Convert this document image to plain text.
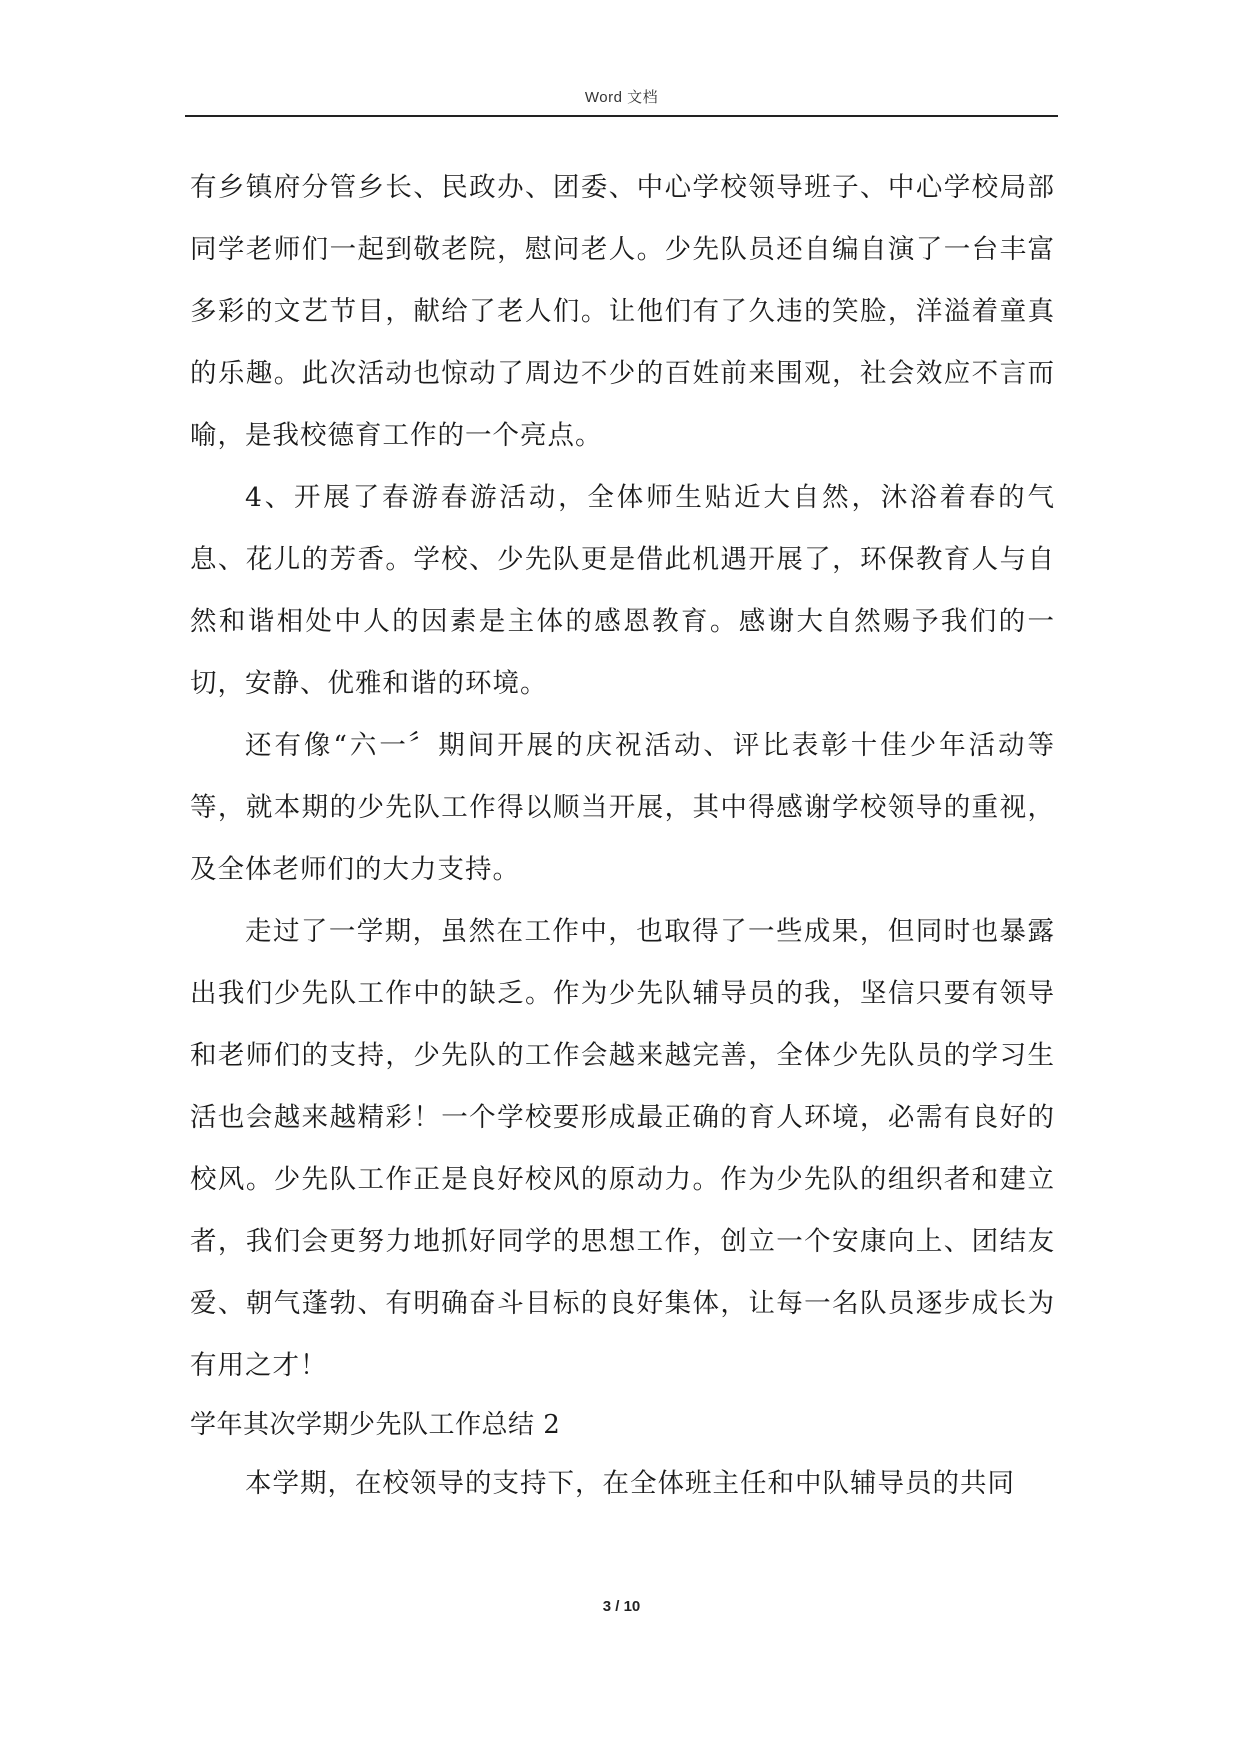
Word 文档

有乡镇府分管乡长、民政办、团委、中心学校领导班子、中心学校局部同学老师们一起到敬老院，慰问老人。少先队员还自编自演了一台丰富多彩的文艺节目，献给了老人们。让他们有了久违的笑脸，洋溢着童真的乐趣。此次活动也惊动了周边不少的百姓前来围观，社会效应不言而喻，是我校德育工作的一个亮点。

4、开展了春游春游活动，全体师生贴近大自然，沐浴着春的气息、花儿的芳香。学校、少先队更是借此机遇开展了，环保教育人与自然和谐相处中人的因素是主体的感恩教育。感谢大自然赐予我们的一切，安静、优雅和谐的环境。

还有像“六一〞期间开展的庆祝活动、评比表彰十佳少年活动等等，就本期的少先队工作得以顺当开展，其中得感谢学校领导的重视，及全体老师们的大力支持。

走过了一学期，虽然在工作中，也取得了一些成果，但同时也暴露出我们少先队工作中的缺乏。作为少先队辅导员的我，坚信只要有领导和老师们的支持，少先队的工作会越来越完善，全体少先队员的学习生活也会越来越精彩！一个学校要形成最正确的育人环境，必需有良好的校风。少先队工作正是良好校风的原动力。作为少先队的组织者和建立者，我们会更努力地抓好同学的思想工作，创立一个安康向上、团结友爱、朝气蓬勃、有明确奋斗目标的良好集体，让每一名队员逐步成长为有用之才！

学年其次学期少先队工作总结 2

本学期，在校领导的支持下，在全体班主任和中队辅导员的共同

3 / 10
